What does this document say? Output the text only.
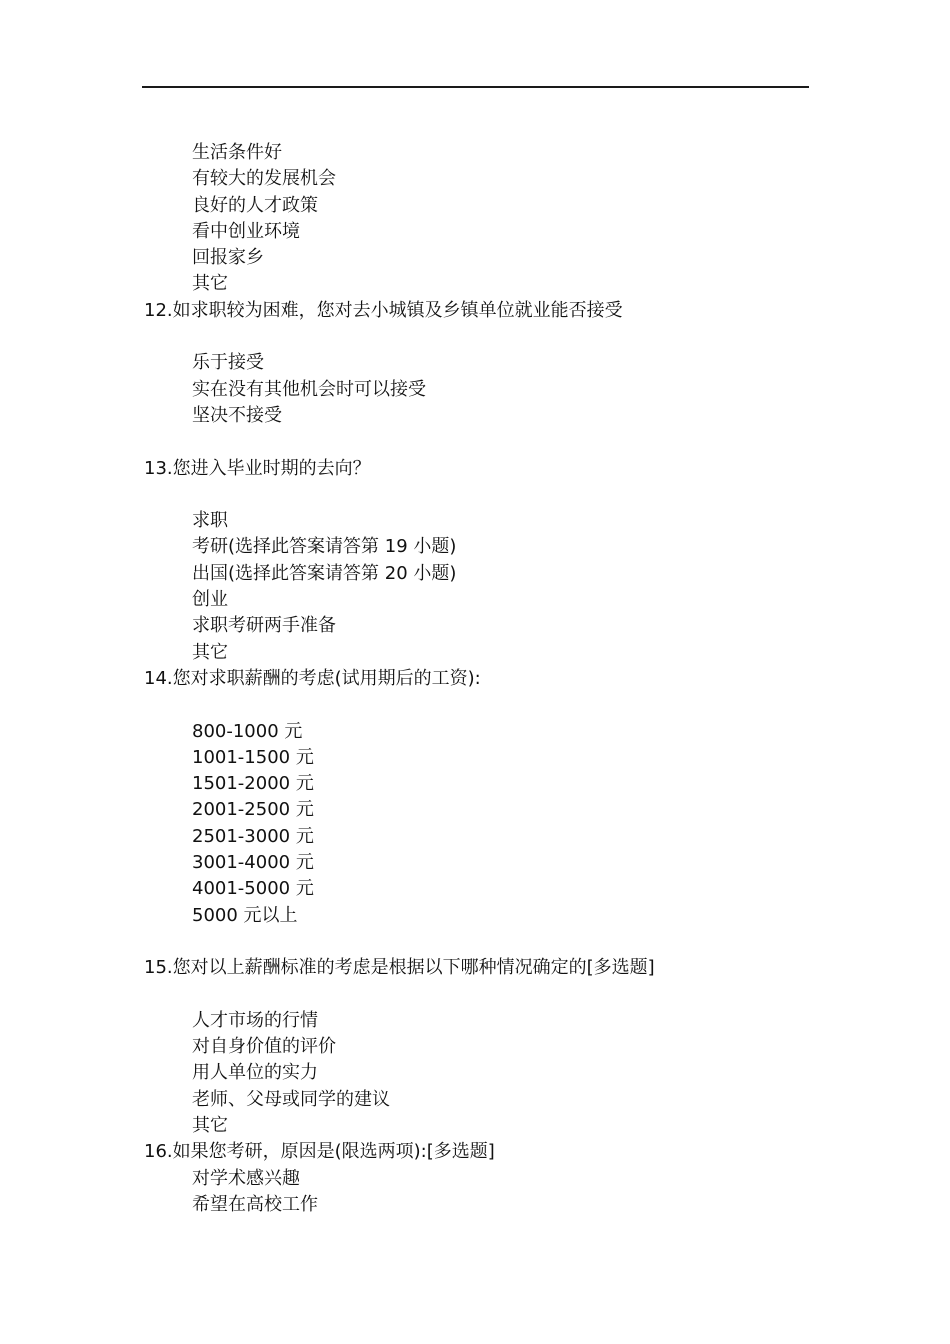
生活条件好
有较大的发展机会
良好的人才政策
看中创业环境
回报家乡
其它
12.如求职较为困难，您对去小城镇及乡镇单位就业能否接受
乐于接受
实在没有其他机会时可以接受
坚决不接受
13.您进入毕业时期的去向？
求职
考研(选择此答案请答第 19 小题)
出国(选择此答案请答第 20 小题)
创业
求职考研两手准备
其它
14.您对求职薪酬的考虑(试用期后的工资):
800-1000 元
1001-1500 元
1501-2000 元
2001-2500 元
2501-3000 元
3001-4000 元
4001-5000 元
5000 元以上
15.您对以上薪酬标准的考虑是根据以下哪种情况确定的[多选题]
人才市场的行情
对自身价值的评价
用人单位的实力
老师、父母或同学的建议
其它
16.如果您考研，原因是(限选两项):[多选题]
对学术感兴趣
希望在高校工作
